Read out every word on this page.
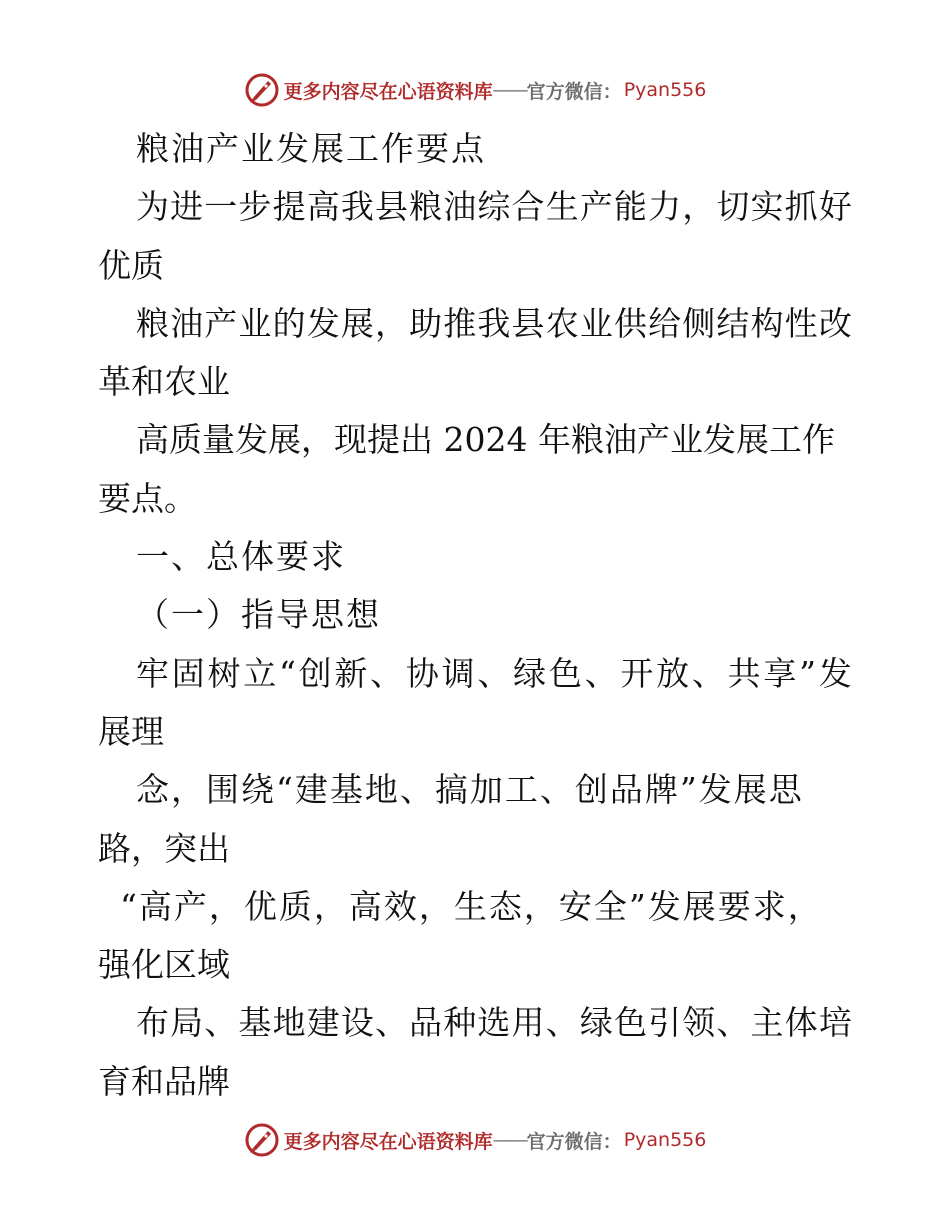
更多内容尽在心语资料库 —— 官方微信： Pyan556
粮油产业发展工作要点
为 进 一 步 提 高 我 县 粮 油 综 合 生 产 能 力 ， 切 实 抓 好
优质
粮 油 产 业 的 发 展 ， 助 推 我 县 农 业 供 给 侧 结 构 性 改
革和农业
高质量发展，现提出 2024 年粮油产业发展工作
要点。
一、总体要求
（一）指导思想
牢 固 树 立 “ 创 新 、 协 调 、 绿 色 、 开 放 、 共 享 ” 发
展理
念，围绕“建基地、搞加工、创品牌”发展思
路，突出
“高产，优质，高效，生态，安全”发展要求，
强化区域
布 局 、 基 地 建 设 、 品 种 选 用 、 绿 色 引 领 、 主 体 培
育和品牌
更多内容尽在心语资料库 —— 官方微信： Pyan556
